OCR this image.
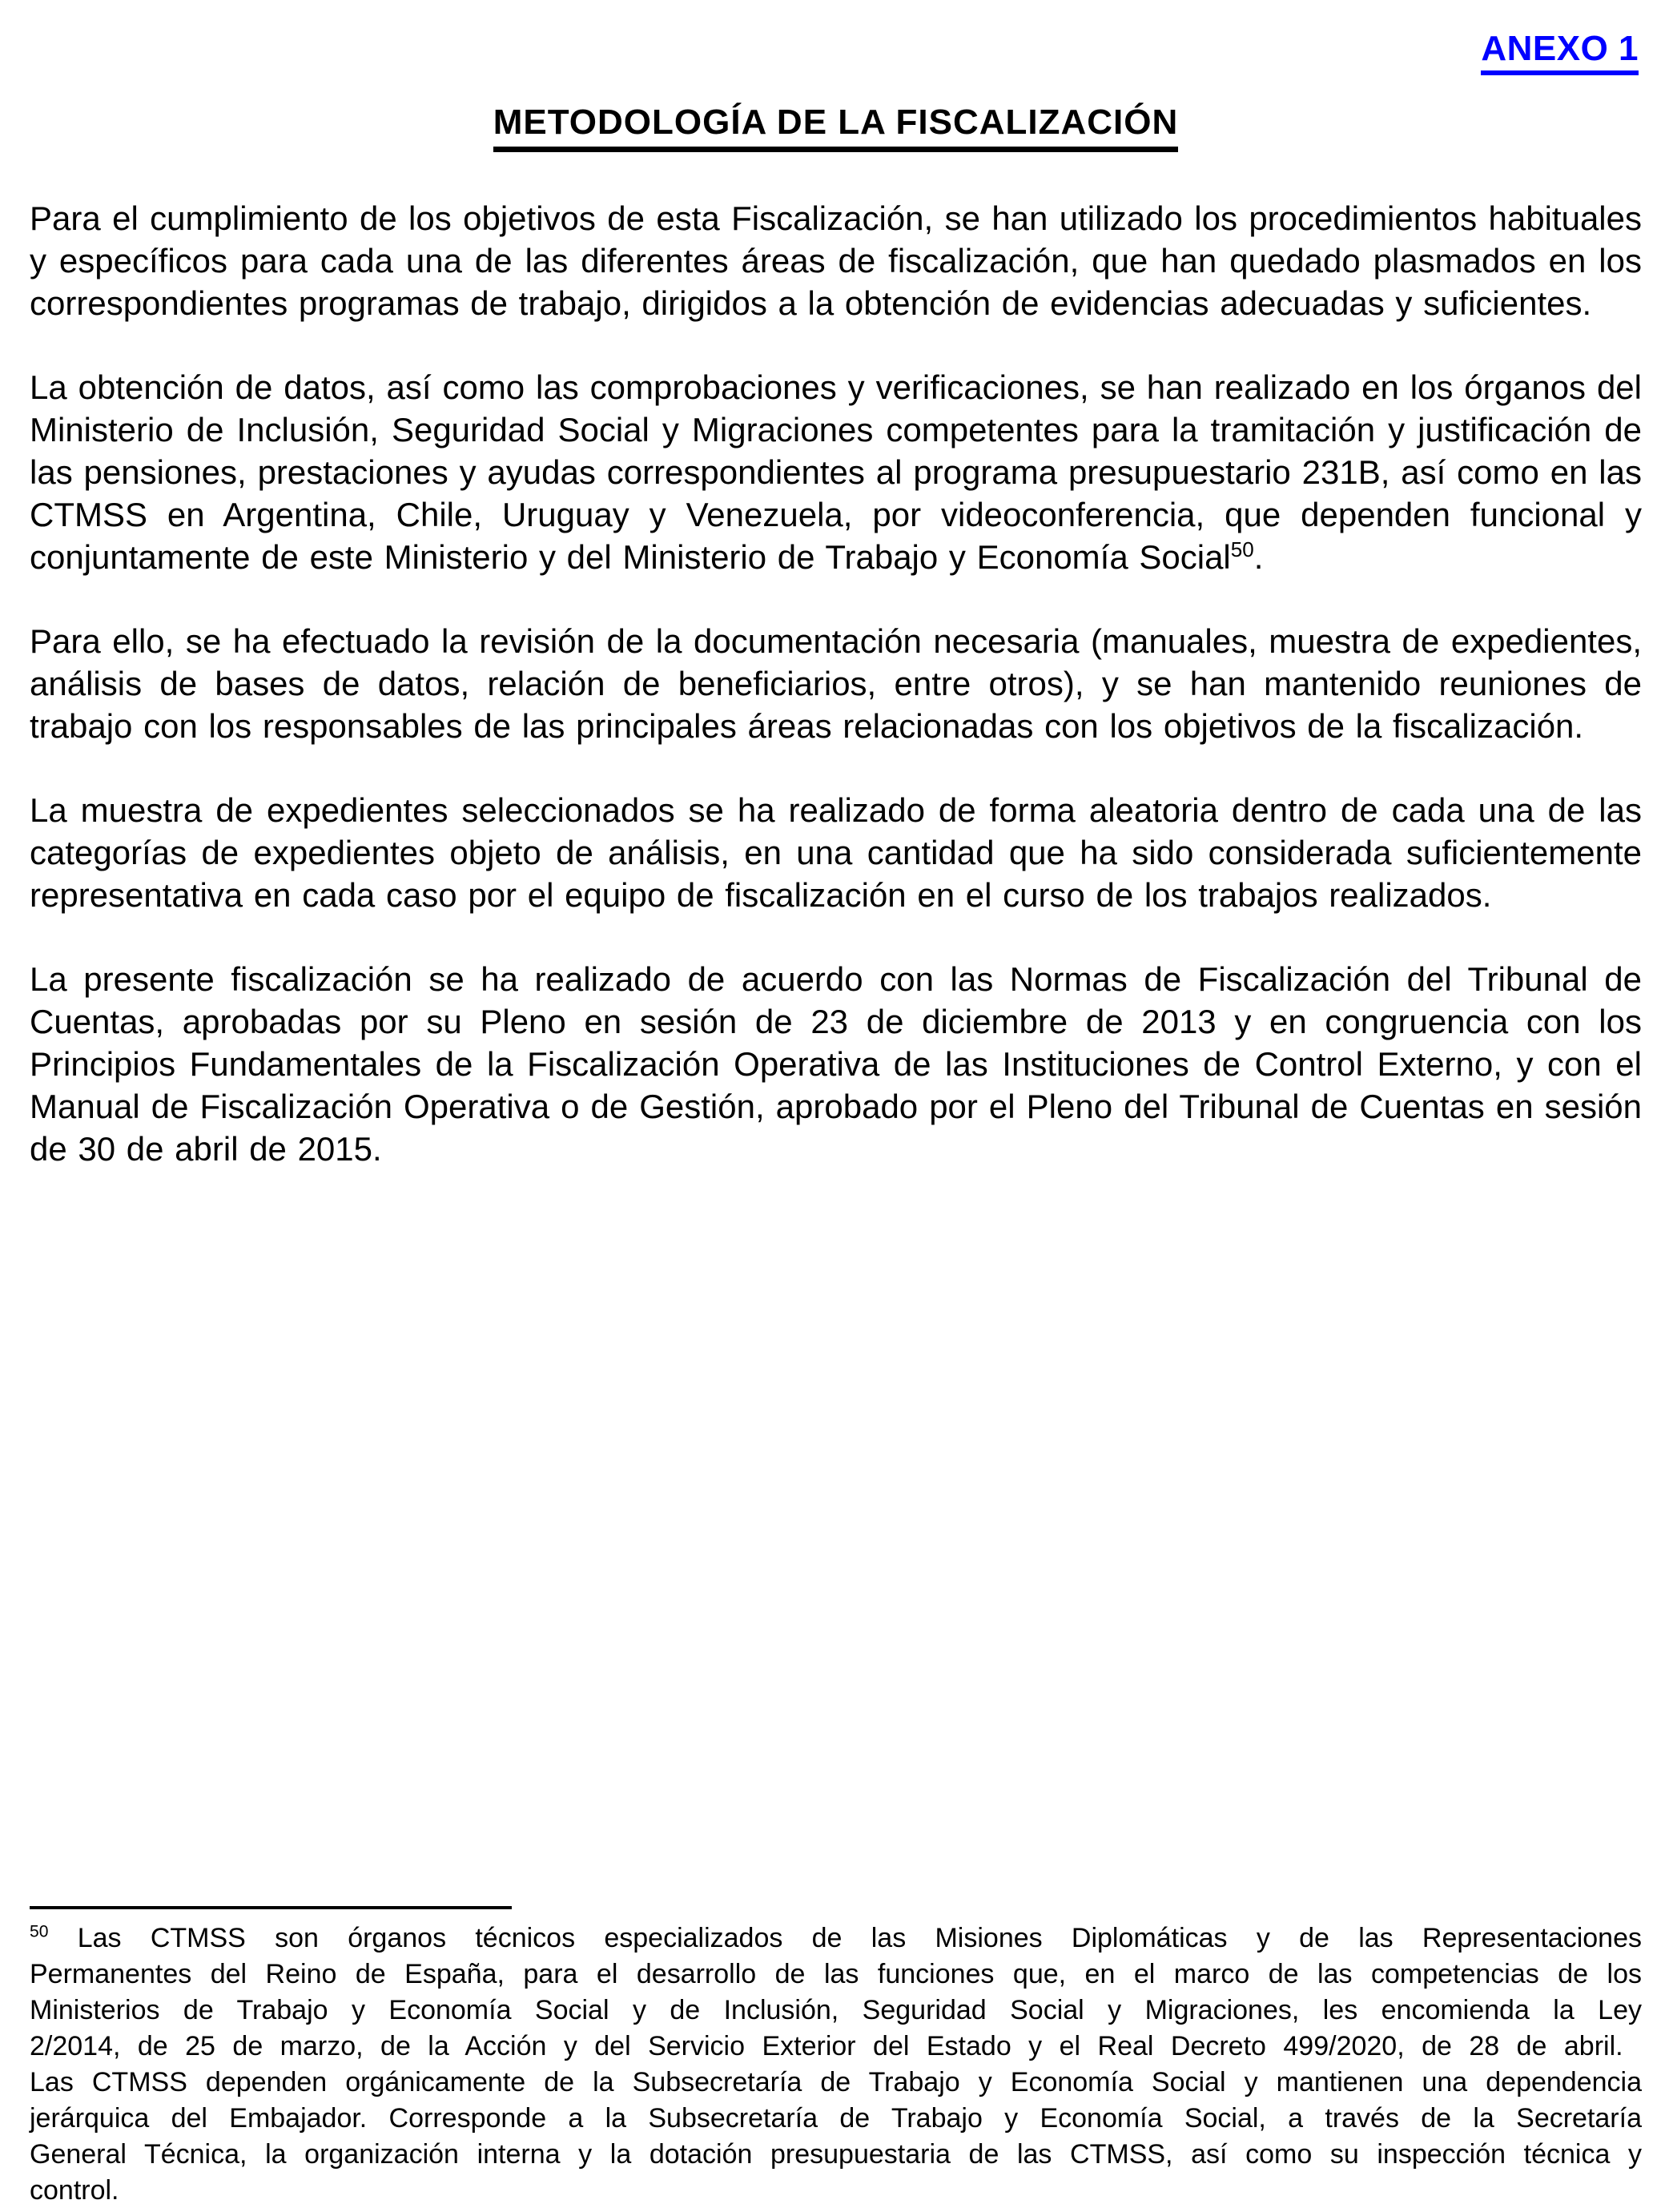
ANEXO 1
METODOLOGÍA DE LA FISCALIZACIÓN

Para el cumplimiento de los objetivos de esta Fiscalización, se han utilizado los procedimientos habituales y específicos para cada una de las diferentes áreas de fiscalización, que han quedado plasmados en los correspondientes programas de trabajo, dirigidos a la obtención de evidencias adecuadas y suficientes.

La obtención de datos, así como las comprobaciones y verificaciones, se han realizado en los órganos del Ministerio de Inclusión, Seguridad Social y Migraciones competentes para la tramitación y justificación de las pensiones, prestaciones y ayudas correspondientes al programa presupuestario 231B, así como en las CTMSS en Argentina, Chile, Uruguay y Venezuela, por videoconferencia, que dependen funcional y conjuntamente de este Ministerio y del Ministerio de Trabajo y Economía Social$^{50}$.

Para ello, se ha efectuado la revisión de la documentación necesaria (manuales, muestra de expedientes, análisis de bases de datos, relación de beneficiarios, entre otros), y se han mantenido reuniones de trabajo con los responsables de las principales áreas relacionadas con los objetivos de la fiscalización.

La muestra de expedientes seleccionados se ha realizado de forma aleatoria dentro de cada una de las categorías de expedientes objeto de análisis, en una cantidad que ha sido considerada suficientemente representativa en cada caso por el equipo de fiscalización en el curso de los trabajos realizados.

La presente fiscalización se ha realizado de acuerdo con las Normas de Fiscalización del Tribunal de Cuentas, aprobadas por su Pleno en sesión de 23 de diciembre de 2013 y en congruencia con los Principios Fundamentales de la Fiscalización Operativa de las Instituciones de Control Externo, y con el Manual de Fiscalización Operativa o de Gestión, aprobado por el Pleno del Tribunal de Cuentas en sesión de 30 de abril de 2015.

$^{50}$ Las CTMSS son órganos técnicos especializados de las Misiones Diplomáticas y de las Representaciones Permanentes del Reino de España, para el desarrollo de las funciones que, en el marco de las competencias de los Ministerios de Trabajo y Economía Social y de Inclusión, Seguridad Social y Migraciones, les encomienda la Ley 2/2014, de 25 de marzo, de la Acción y del Servicio Exterior del Estado y el Real Decreto 499/2020, de 28 de abril.

Las CTMSS dependen orgánicamente de la Subsecretaría de Trabajo y Economía Social y mantienen una dependencia jerárquica del Embajador. Corresponde a la Subsecretaría de Trabajo y Economía Social, a través de la Secretaría General Técnica, la organización interna y la dotación presupuestaria de las CTMSS, así como su inspección técnica y control.
